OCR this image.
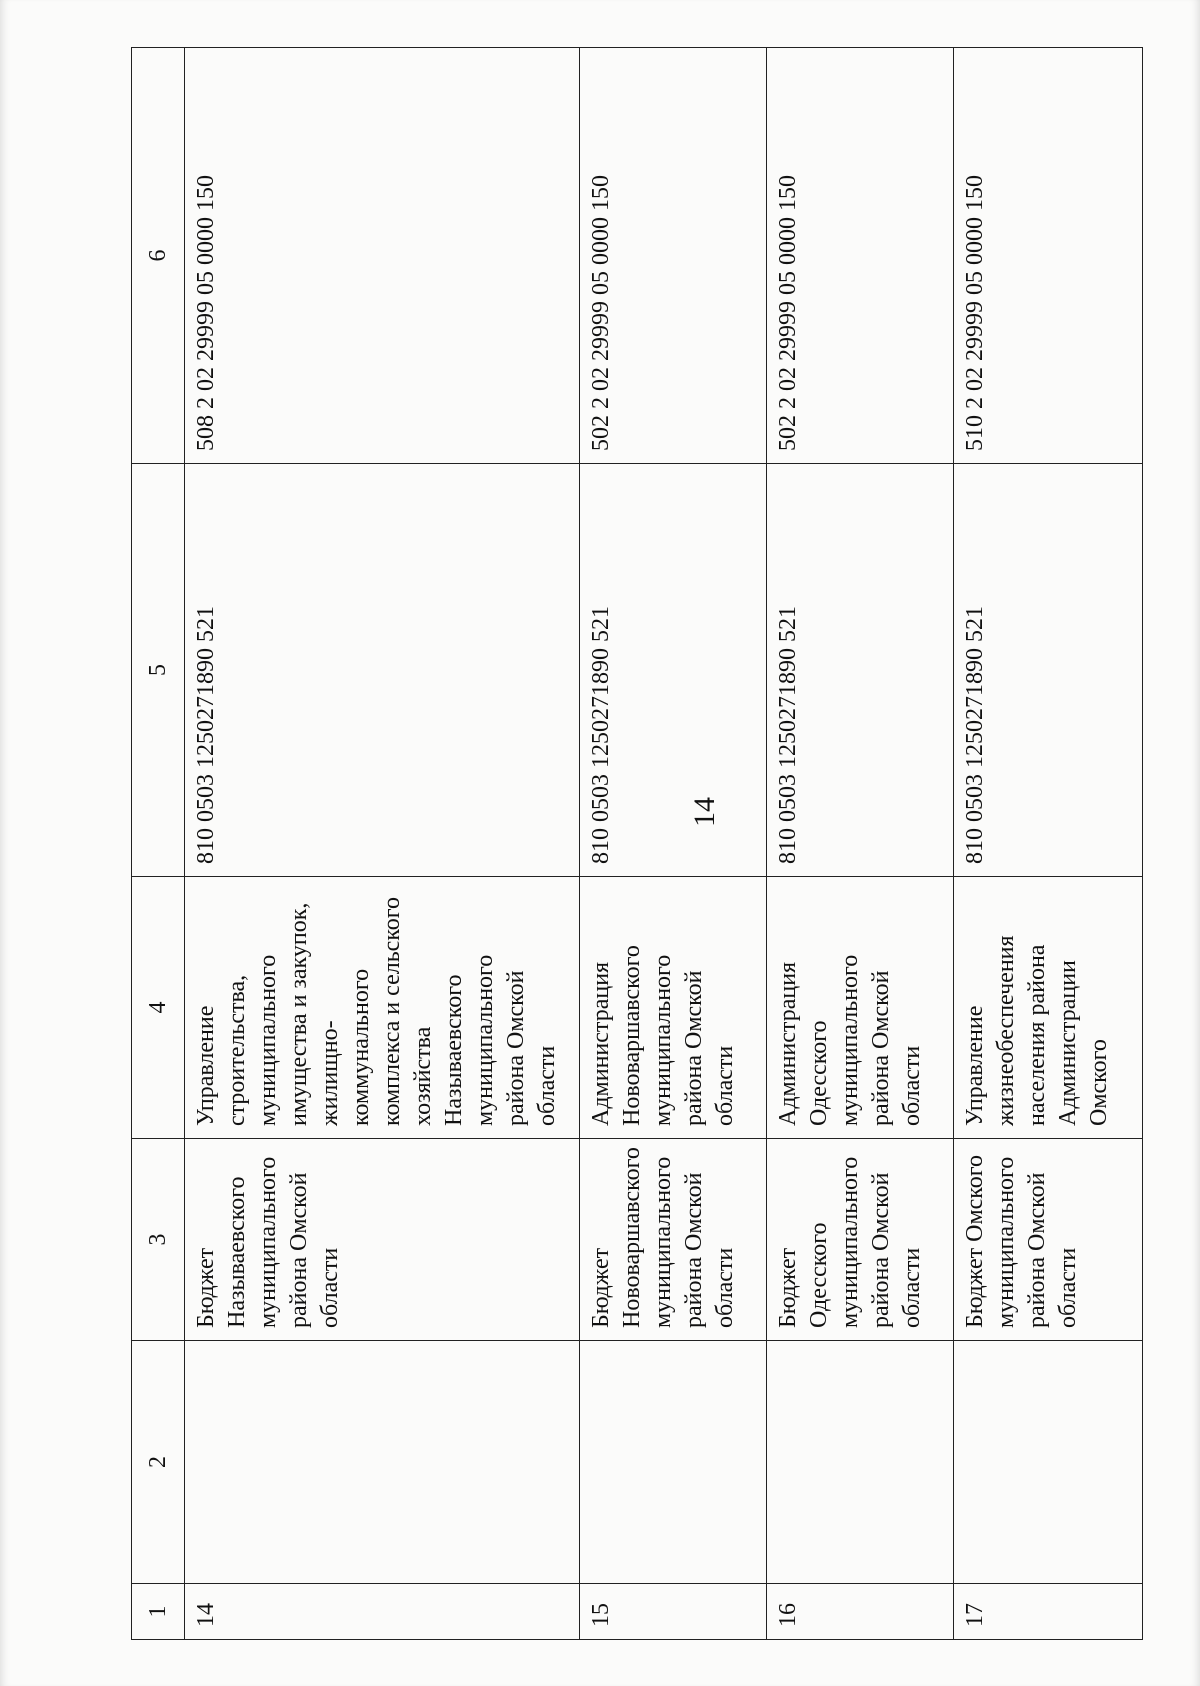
14
1	2	3	4	5	6
14		Бюджет Называевского муниципального района Омской области	Управление строительства, муниципального имущества и закупок, жилищно-коммунального комплекса и сельского хозяйства Называевского муниципального района Омской области	810 0503 1250271890 521	508 2 02 29999 05 0000 150
15		Бюджет Нововаршавского муниципального района Омской области	Администрация Нововаршавского муниципального района Омской области	810 0503 1250271890 521	502 2 02 29999 05 0000 150
16		Бюджет Одесского муниципального района Омской области	Администрация Одесского муниципального района Омской области	810 0503 1250271890 521	502 2 02 29999 05 0000 150
17		Бюджет Омского муниципального района Омской области	Управление жизнеобеспечения населения района Администрации Омского	810 0503 1250271890 521	510 2 02 29999 05 0000 150
